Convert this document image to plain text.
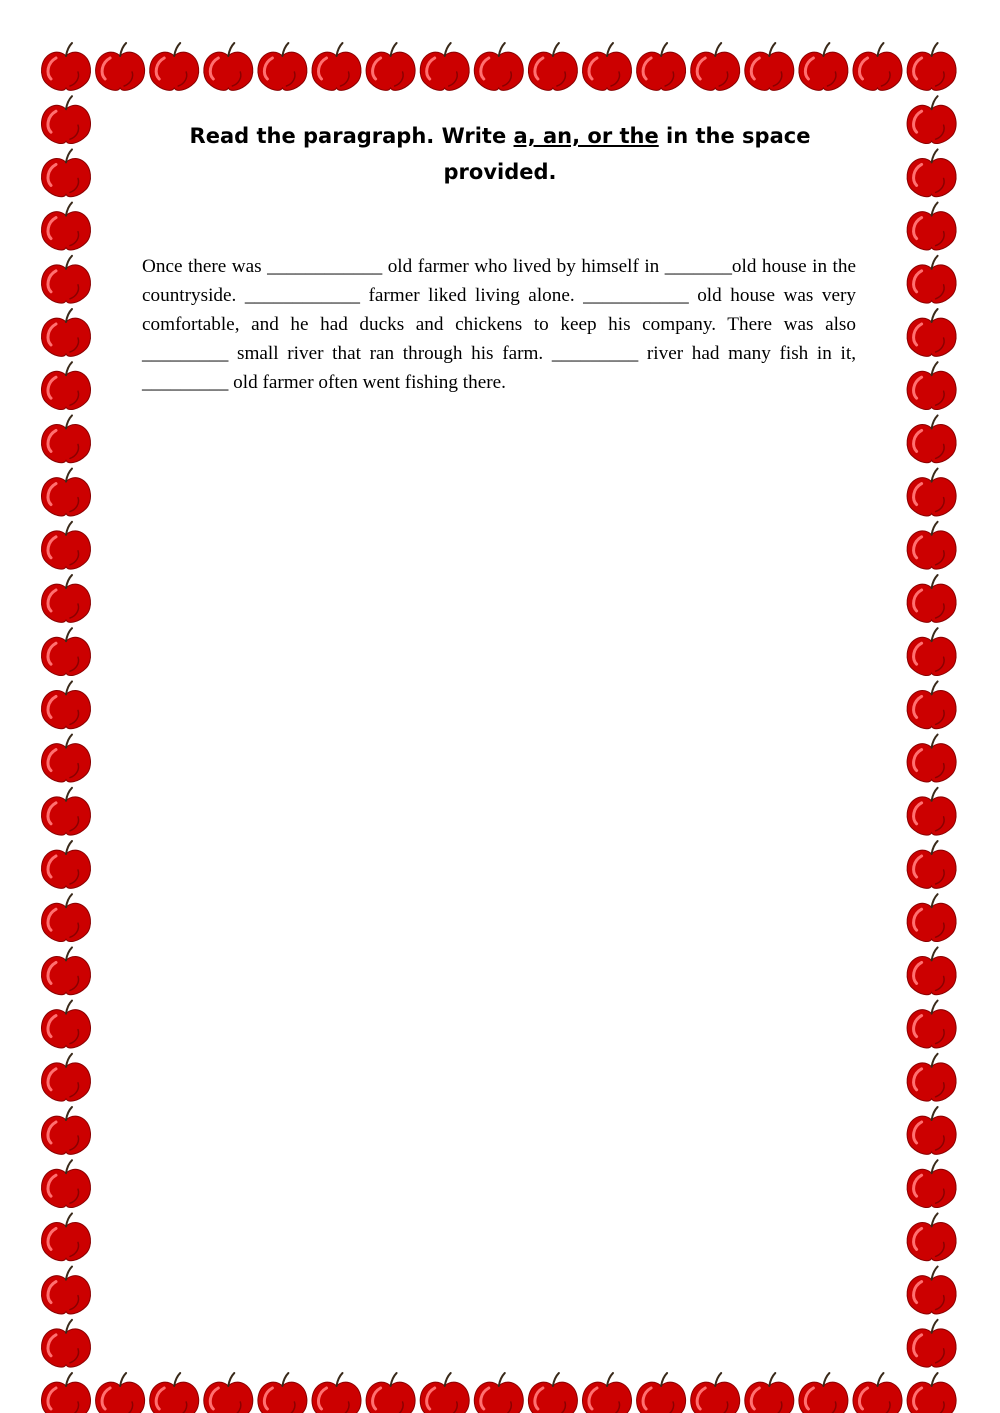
Read the paragraph. Write a, an, or the in the space provided.
Once there was ____________ old farmer who lived by himself in _______old house in the countryside. ____________ farmer liked living alone. ___________ old house was very comfortable, and he had ducks and chickens to keep his company. There was also _________ small river that ran through his farm. _________ river had many fish in it, _________ old farmer often went fishing there.
